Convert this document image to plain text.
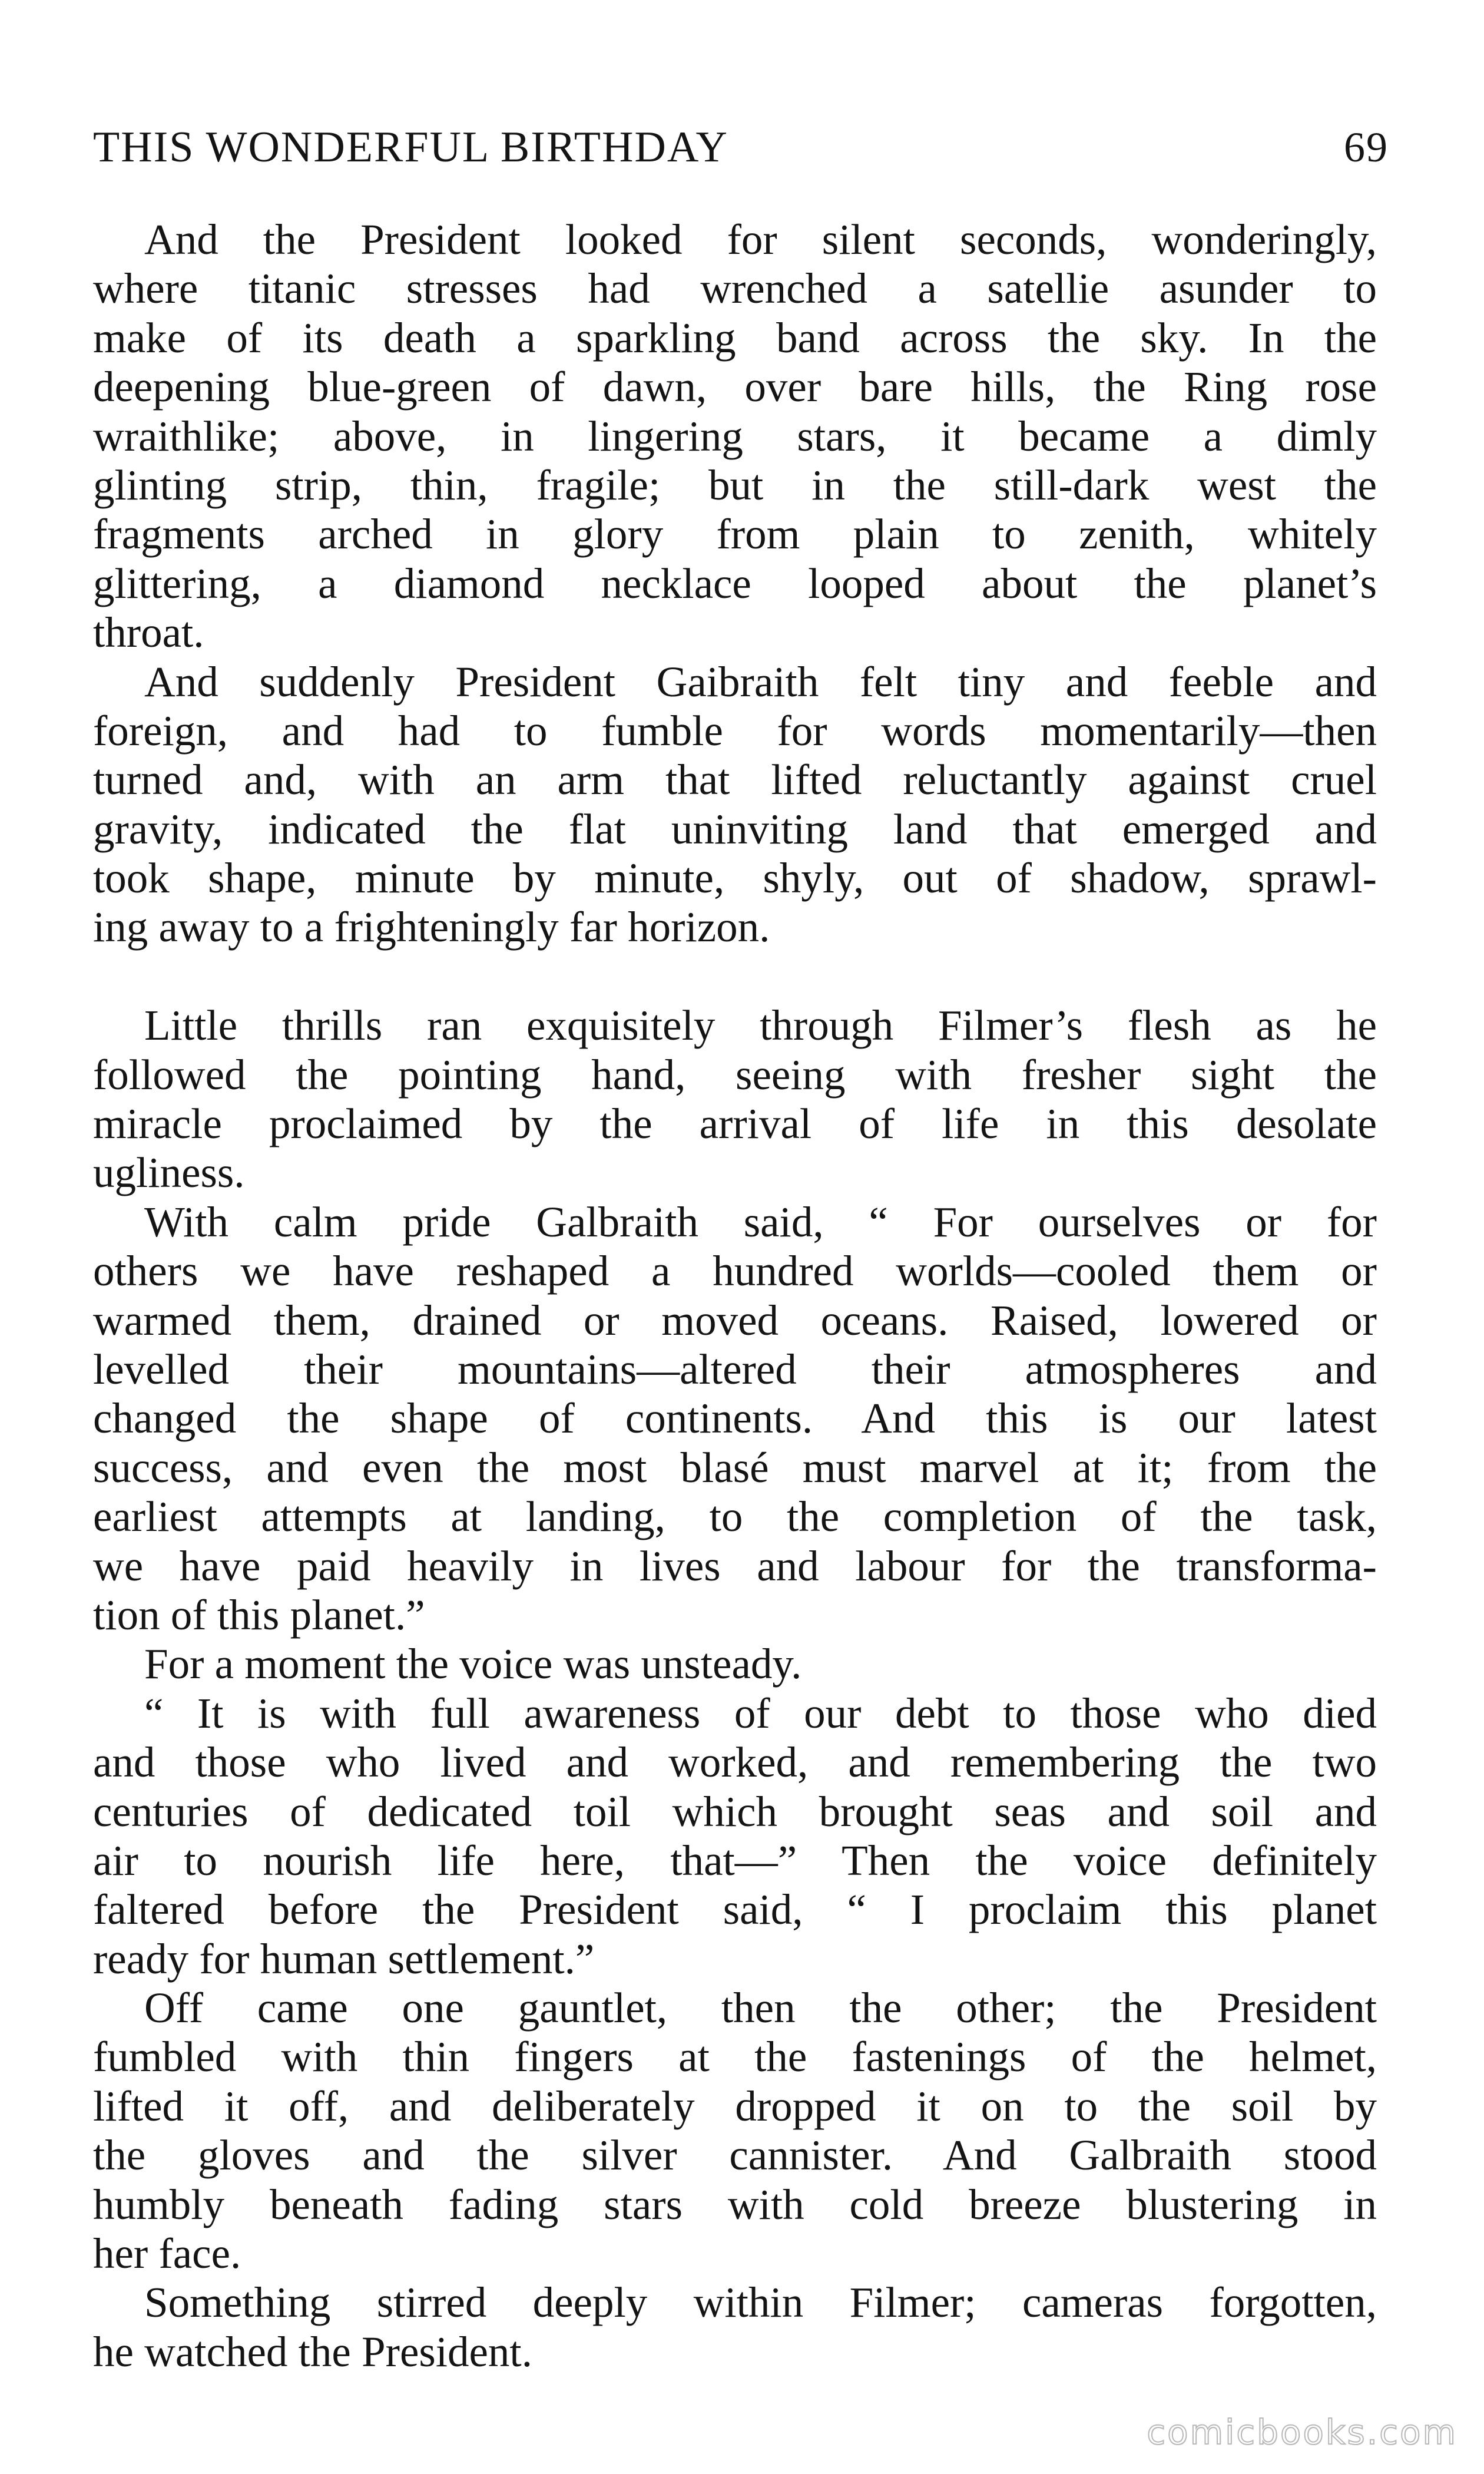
THIS WONDERFUL BIRTHDAY	69
And the President looked for silent seconds, wonderingly,
where titanic stresses had wrenched a satellie asunder to
make of its death a sparkling band across the sky. In the
deepening blue-green of dawn, over bare hills, the Ring rose
wraithlike; above, in lingering stars, it became a dimly
glinting strip, thin, fragile; but in the still-dark west the
fragments arched in glory from plain to zenith, whitely
glittering, a diamond necklace looped about the planet’s
throat.
And suddenly President Gaibraith felt tiny and feeble and
foreign, and had to fumble for words momentarily—then
turned and, with an arm that lifted reluctantly against cruel
gravity, indicated the flat uninviting land that emerged and
took shape, minute by minute, shyly, out of shadow, sprawl-
ing away to a frighteningly far horizon.
Little thrills ran exquisitely through Filmer’s flesh as he
followed the pointing hand, seeing with fresher sight the
miracle proclaimed by the arrival of life in this desolate
ugliness.
With calm pride Galbraith said, “ For ourselves or for
others we have reshaped a hundred worlds—cooled them or
warmed them, drained or moved oceans. Raised, lowered or
levelled their mountains—altered their atmospheres and
changed the shape of continents. And this is our latest
success, and even the most blasé must marvel at it; from the
earliest attempts at landing, to the completion of the task,
we have paid heavily in lives and labour for the transforma-
tion of this planet.”
For a moment the voice was unsteady.
“ It is with full awareness of our debt to those who died
and those who lived and worked, and remembering the two
centuries of dedicated toil which brought seas and soil and
air to nourish life here, that—” Then the voice definitely
faltered before the President said, “ I proclaim this planet
ready for human settlement.”
Off came one gauntlet, then the other; the President
fumbled with thin fingers at the fastenings of the helmet,
lifted it off, and deliberately dropped it on to the soil by
the gloves and the silver cannister. And Galbraith stood
humbly beneath fading stars with cold breeze blustering in
her face.
Something stirred deeply within Filmer; cameras forgotten,
he watched the President.
comicbooks.com
